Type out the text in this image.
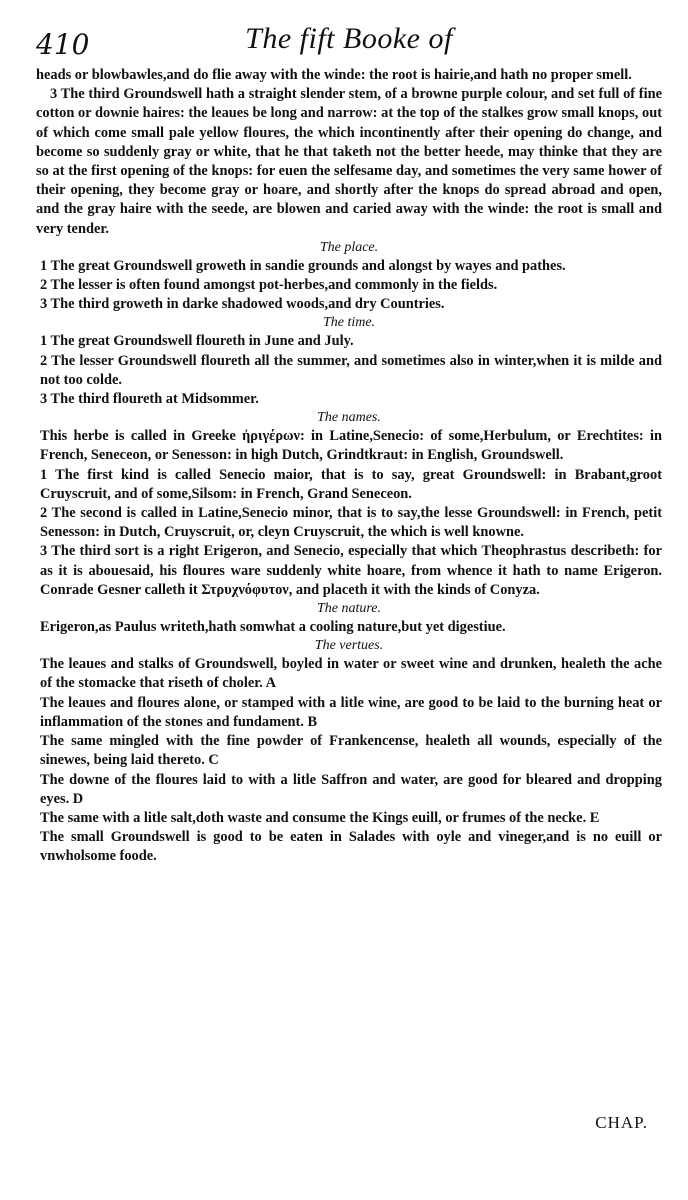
410	The fift Booke of

heads or blowbawles,and do flie away with the winde: the root is hairie,and hath no proper smell.

3 The third Groundswell hath a straight slender stem, of a browne purple colour, and set full of fine cotton or downie haires: the leaues be long and narrow: at the top of the stalkes grow small knops, out of which come small pale yellow floures, the which incontinently after their opening do change, and become so suddenly gray or white, that he that taketh not the better heede, may thinke that they are so at the first opening of the knops: for euen the selfesame day, and sometimes the very same hower of their opening, they become gray or hoare, and shortly after the knops do spread abroad and open, and the gray haire with the seede, are blowen and caried away with the winde: the root is small and very tender.

The place.

1 The great Groundswell groweth in sandie grounds and alongst by wayes and pathes.

2 The lesser is often found amongst pot-herbes,and commonly in the fields.

3 The third groweth in darke shadowed woods,and dry Countries.

The time.

1 The great Groundswell floureth in June and July.

2 The lesser Groundswell floureth all the summer, and sometimes also in winter,when it is milde and not too colde.

3 The third floureth at Midsommer.

The names.

This herbe is called in Greeke ἠριγέρων: in Latine,Senecio: of some,Herbulum, or Erechtites: in French, Seneceon, or Senesson: in high Dutch, Grindtkraut: in English, Groundswell.

1 The first kind is called Senecio maior, that is to say, great Groundswell: in Brabant,groot Cruyscruit, and of some,Silsom: in French, Grand Seneceon.

2 The second is called in Latine,Senecio minor, that is to say,the lesse Groundswell: in French, petit Senesson: in Dutch, Cruyscruit, or, cleyn Cruyscruit, the which is well knowne.

3 The third sort is a right Erigeron, and Senecio, especially that which Theophrastus describeth: for as it is abouesaid, his floures ware suddenly white hoare, from whence it hath to name Erigeron. Conrade Gesner calleth it Στρυχνόφυτον, and placeth it with the kinds of Conyza.

The nature.

Erigeron,as Paulus writeth,hath somwhat a cooling nature,but yet digestiue.

The vertues.

The leaues and stalks of Groundswell, boyled in water or sweet wine and drunken, healeth the ache of the stomacke that riseth of choler. A

The leaues and floures alone, or stamped with a litle wine, are good to be laid to the burning heat or inflammation of the stones and fundament. B

The same mingled with the fine powder of Frankencense, healeth all wounds, especially of the sinewes, being laid thereto. C

The downe of the floures laid to with a litle Saffron and water, are good for bleared and dropping eyes. D

The same with a litle salt,doth waste and consume the Kings euill, or frumes of the necke. E

The small Groundswell is good to be eaten in Salades with oyle and vineger,and is no euill or vnwholsome foode.

CHAP.
